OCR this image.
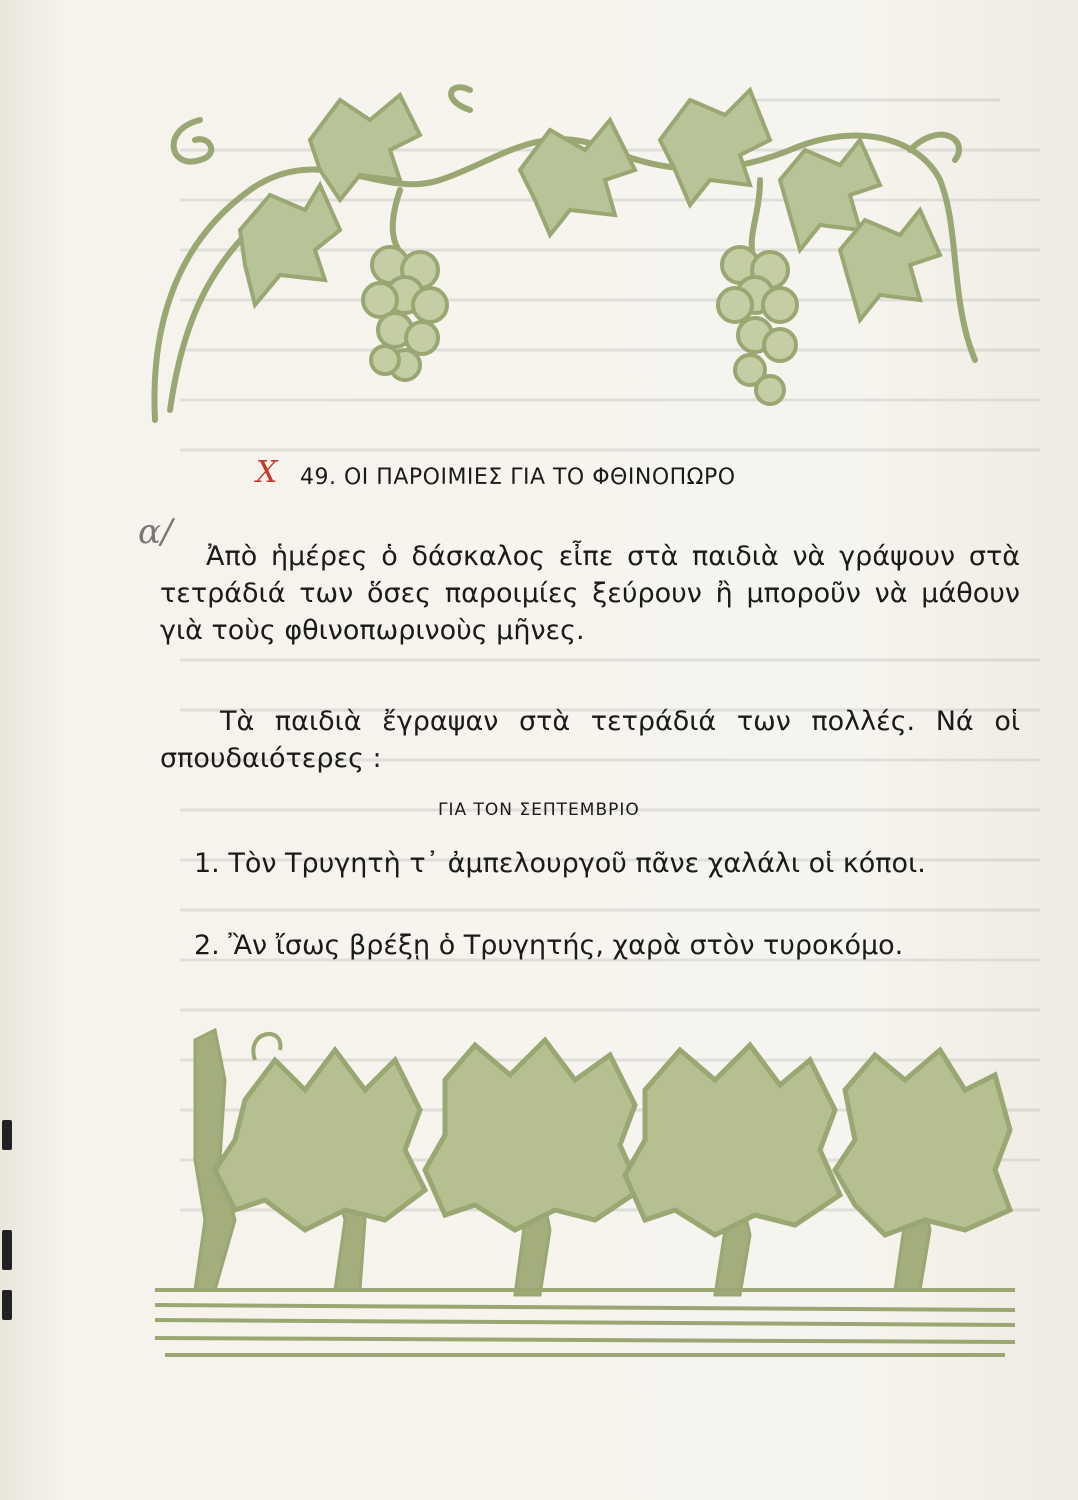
X
α/
49. ΟΙ ΠΑΡΟΙΜΙΕΣ ΓΙΑ ΤΟ ΦΘΙΝΟΠΩΡΟ
Ἀπὸ ἡμέρες ὁ δάσκαλος εἶπε στὰ παιδιὰ νὰ γράψουν στὰ τετράδιά των ὅσες παροιμίες ξεύρουν ἢ μποροῦν νὰ μάθουν γιὰ τοὺς φθινοπωρινοὺς μῆνες.
Τὰ παιδιὰ ἔγραψαν στὰ τετράδιά των πολλές. Νά οἱ σπουδαιότερες :
ΓΙΑ ΤΟΝ ΣΕΠΤΕΜΒΡΙΟ
1. Τὸν Τρυγητὴ τ᾽ ἀμπελουργοῦ πᾶνε χαλάλι οἱ κόποι.
2. Ἂν ἴσως βρέξῃ ὁ Τρυγητής, χαρὰ στὸν τυροκόμο.
